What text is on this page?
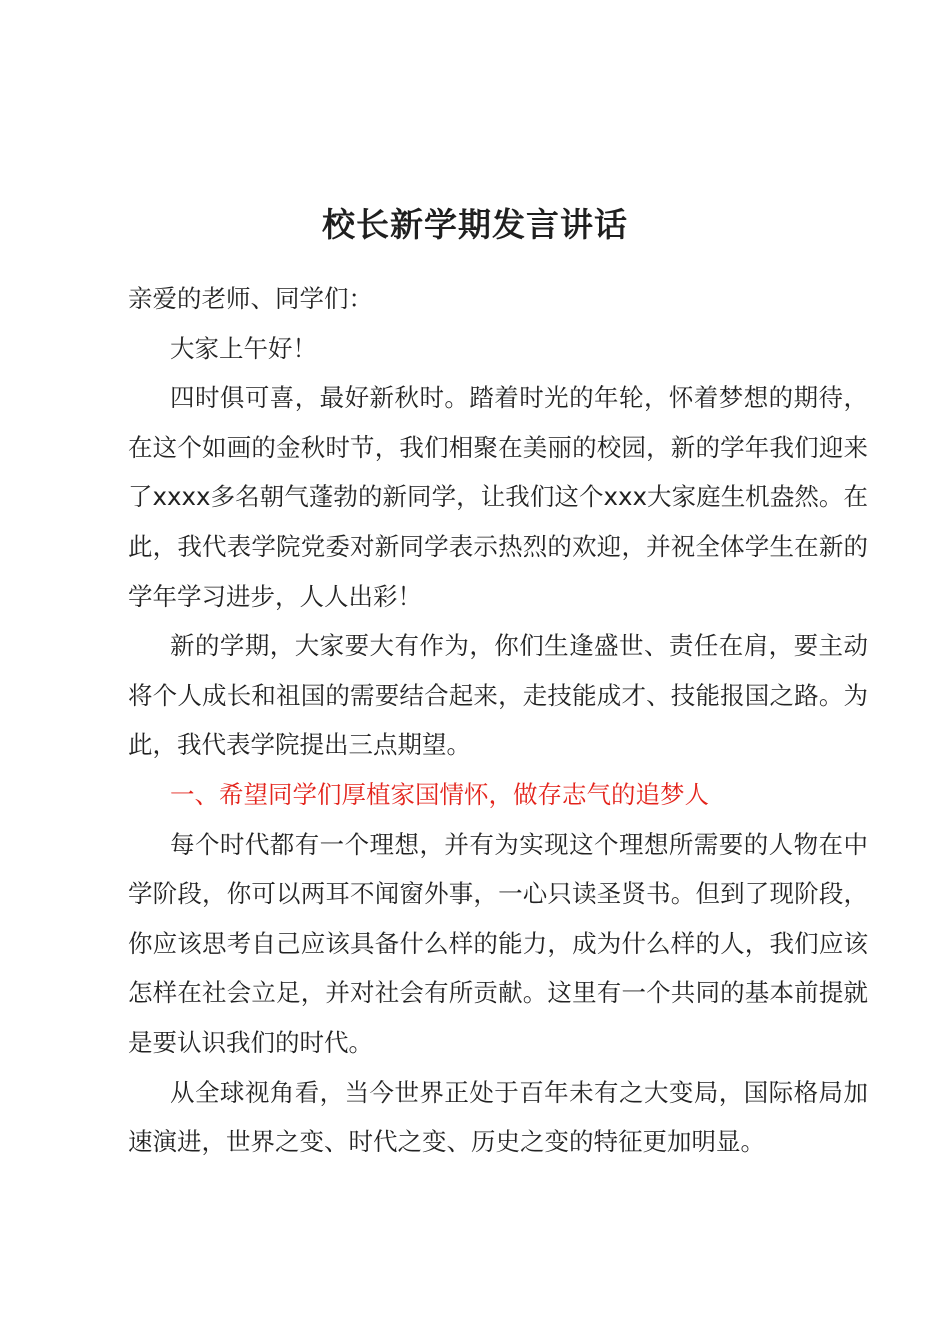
校长新学期发言讲话

亲爱的老师、同学们：

大家上午好！

四时俱可喜，最好新秋时。踏着时光的年轮，怀着梦想的期待，在这个如画的金秋时节，我们相聚在美丽的校园，新的学年我们迎来了xxxx多名朝气蓬勃的新同学，让我们这个xxx大家庭生机盎然。在此，我代表学院党委对新同学表示热烈的欢迎，并祝全体学生在新的学年学习进步，人人出彩！

新的学期，大家要大有作为，你们生逢盛世、责任在肩，要主动将个人成长和祖国的需要结合起来，走技能成才、技能报国之路。为此，我代表学院提出三点期望。

一、希望同学们厚植家国情怀，做存志气的追梦人

每个时代都有一个理想，并有为实现这个理想所需要的人物在中学阶段，你可以两耳不闻窗外事，一心只读圣贤书。但到了现阶段，你应该思考自己应该具备什么样的能力，成为什么样的人，我们应该怎样在社会立足，并对社会有所贡献。这里有一个共同的基本前提就是要认识我们的时代。

从全球视角看，当今世界正处于百年未有之大变局，国际格局加速演进，世界之变、时代之变、历史之变的特征更加明显。
